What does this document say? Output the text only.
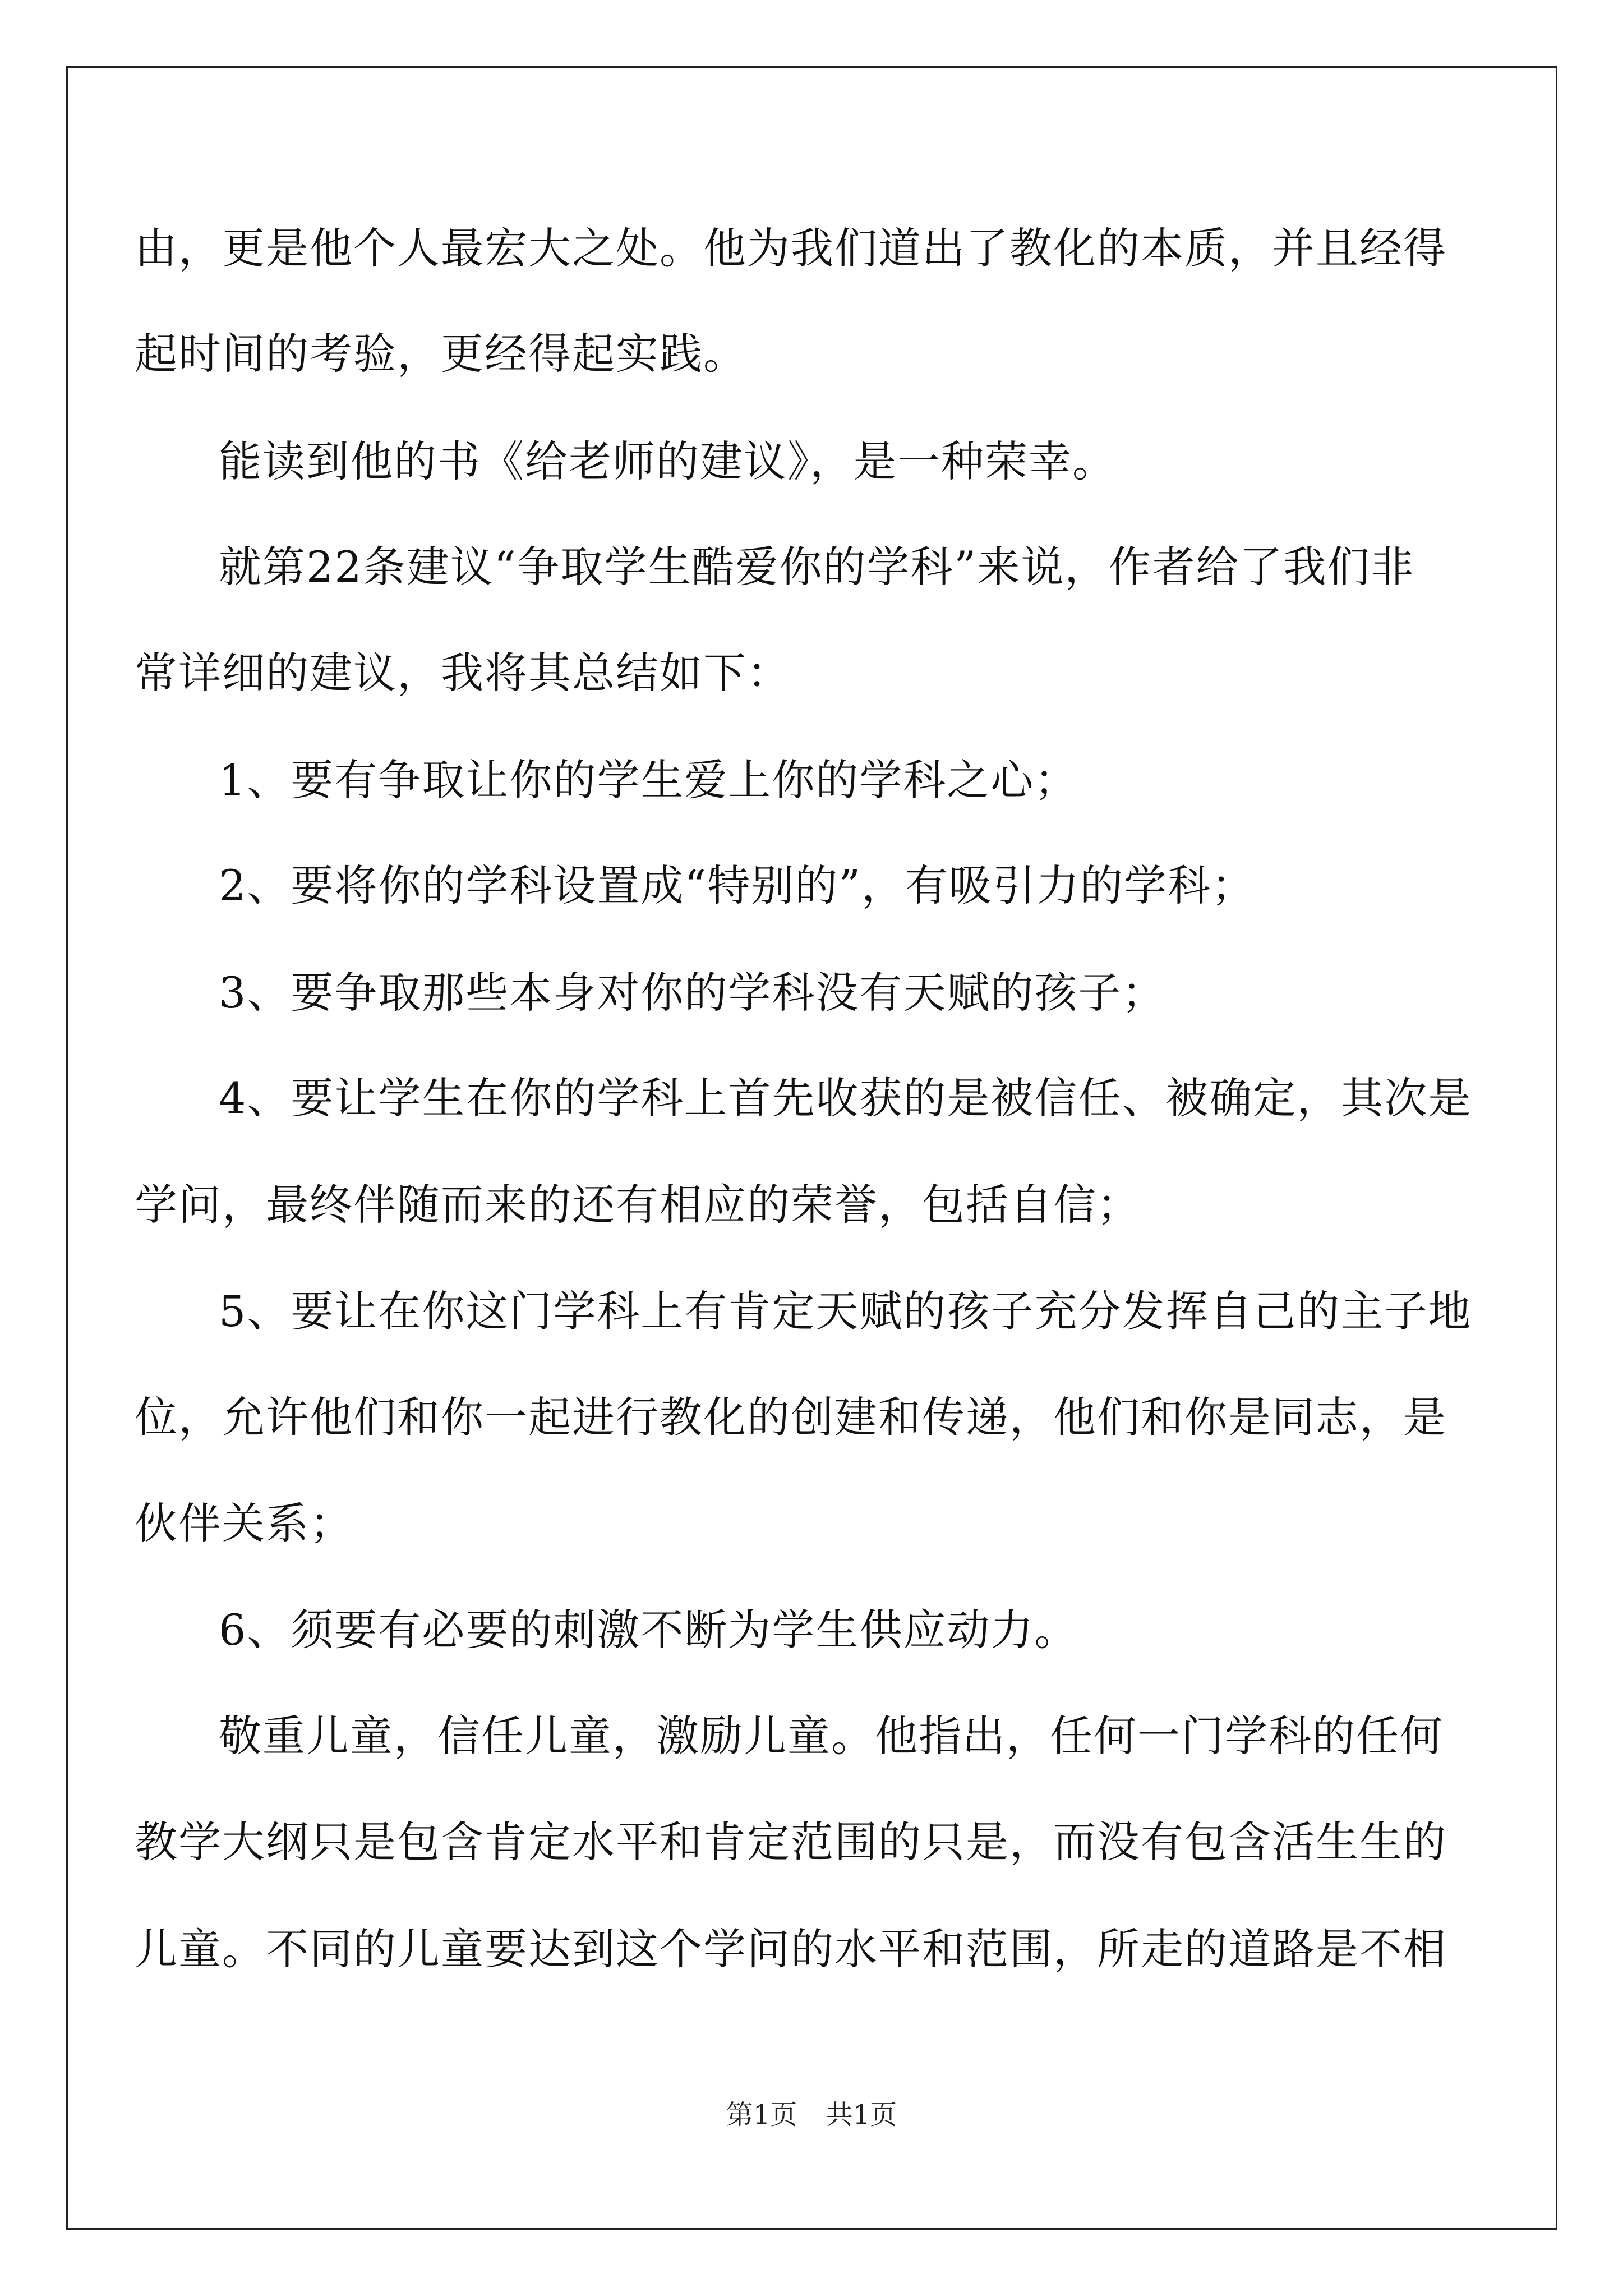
由，更是他个人最宏大之处。他为我们道出了教化的本质，并且经得
起时间的考验，更经得起实践。
能读到他的书《给老师的建议》，是一种荣幸。
就第22条建议“争取学生酷爱你的学科”来说，作者给了我们非
常详细的建议，我将其总结如下：
1、要有争取让你的学生爱上你的学科之心；
2、要将你的学科设置成“特别的”，有吸引力的学科；
3、要争取那些本身对你的学科没有天赋的孩子；
4、要让学生在你的学科上首先收获的是被信任、被确定，其次是
学问，最终伴随而来的还有相应的荣誉，包括自信；
5、要让在你这门学科上有肯定天赋的孩子充分发挥自己的主子地
位，允许他们和你一起进行教化的创建和传递，他们和你是同志，是
伙伴关系；
6、须要有必要的刺激不断为学生供应动力。
敬重儿童，信任儿童，激励儿童。他指出，任何一门学科的任何
教学大纲只是包含肯定水平和肯定范围的只是，而没有包含活生生的
儿童。不同的儿童要达到这个学问的水平和范围，所走的道路是不相
第1页 共1页
